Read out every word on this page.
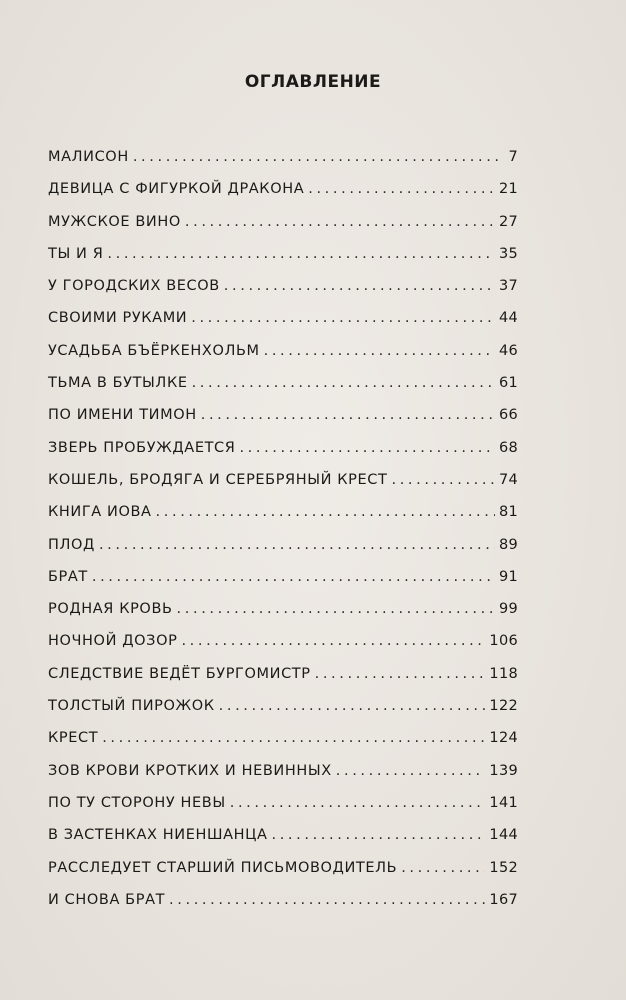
ОГЛАВЛЕНИЕ
МАЛИСОН . . .	7
ДЕВИЦА С ФИГУРКОЙ ДРАКОНА . . .	21
МУЖСКОЕ ВИНО . . .	27
ТЫ И Я . . .	35
У ГОРОДСКИХ ВЕСОВ . . .	37
СВОИМИ РУКАМИ . . .	44
УСАДЬБА БЪЁРКЕНХОЛЬМ . . .	46
ТЬМА В БУТЫЛКЕ . . .	61
ПО ИМЕНИ ТИМОН . . .	66
ЗВЕРЬ ПРОБУЖДАЕТСЯ . . .	68
КОШЕЛЬ, БРОДЯГА И СЕРЕБРЯНЫЙ КРЕСТ . . .	74
КНИГА ИОВА . . .	81
ПЛОД . . .	89
БРАТ . . .	91
РОДНАЯ КРОВЬ . . .	99
НОЧНОЙ ДОЗОР . . .	106
СЛЕДСТВИЕ ВЕДЁТ БУРГОМИСТР . . .	118
ТОЛСТЫЙ ПИРОЖОК . . .	122
КРЕСТ . . .	124
ЗОВ КРОВИ КРОТКИХ И НЕВИННЫХ . . .	139
ПО ТУ СТОРОНУ НЕВЫ . . .	141
В ЗАСТЕНКАХ НИЕНШАНЦА . . .	144
РАССЛЕДУЕТ СТАРШИЙ ПИСЬМОВОДИТЕЛЬ . . .	152
И СНОВА БРАТ . . .	167
